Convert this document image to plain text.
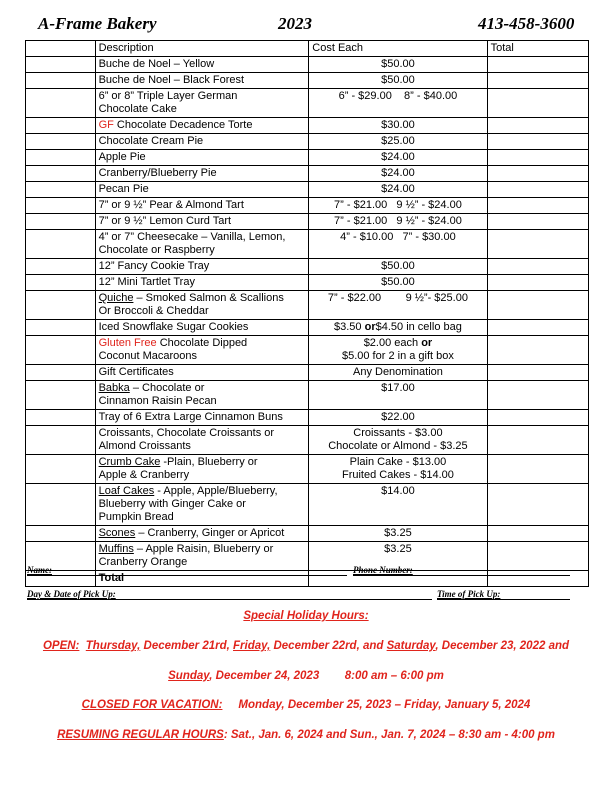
A-Frame Bakery	2023	413-458-3600
	Description	Cost Each	Total
	Buche de Noel – Yellow	$50.00	
	Buche de Noel – Black Forest	$50.00	
	6” or 8” Triple Layer German
Chocolate Cake	6” - $29.00    8” - $40.00	
	GF Chocolate Decadence Torte	$30.00	
	Chocolate Cream Pie	$25.00	
	Apple Pie	$24.00	
	Cranberry/Blueberry Pie	$24.00	
	Pecan Pie	$24.00	
	7” or 9 ½” Pear & Almond Tart	7” - $21.00   9 ½” - $24.00	
	7” or 9 ½” Lemon Curd Tart	7” - $21.00   9 ½” - $24.00	
	4” or 7” Cheesecake – Vanilla, Lemon,
Chocolate or Raspberry	4” - $10.00   7” - $30.00	
	12” Fancy Cookie Tray	$50.00	
	12” Mini Tartlet Tray	$50.00	
	Quiche – Smoked Salmon & Scallions
Or Broccoli & Cheddar	7” - $22.00        9 ½”- $25.00	
	Iced Snowflake Sugar Cookies	$3.50 or$4.50 in cello bag	
	Gluten Free Chocolate Dipped
Coconut Macaroons	$2.00 each or
$5.00 for 2 in a gift box	
	Gift Certificates	Any Denomination	
	Babka – Chocolate or
Cinnamon Raisin Pecan	$17.00	
	Tray of 6 Extra Large Cinnamon Buns	$22.00	
	Croissants, Chocolate Croissants or
Almond Croissants	Croissants - $3.00
Chocolate or Almond - $3.25	
	Crumb Cake -Plain, Blueberry or
Apple & Cranberry	Plain Cake - $13.00
Fruited Cakes - $14.00	
	Loaf Cakes - Apple, Apple/Blueberry,
Blueberry with Ginger Cake or
Pumpkin Bread	$14.00	
	Scones – Cranberry, Ginger or Apricot	$3.25	
	Muffins – Apple Raisin, Blueberry or
Cranberry Orange	$3.25	
	Total		
Name:	Phone Number:
Day & Date of Pick Up:	Time of Pick Up:
Special Holiday Hours:
OPEN: Thursday, December 21rd, Friday, December 22rd, and Saturday, December 23, 2022 and
Sunday, December 24, 2023        8:00 am – 6:00 pm
CLOSED FOR VACATION:     Monday, December 25, 2023 – Friday, January 5, 2024
RESUMING REGULAR HOURS: Sat., Jan. 6, 2024 and Sun., Jan. 7, 2024 – 8:30 am - 4:00 pm
